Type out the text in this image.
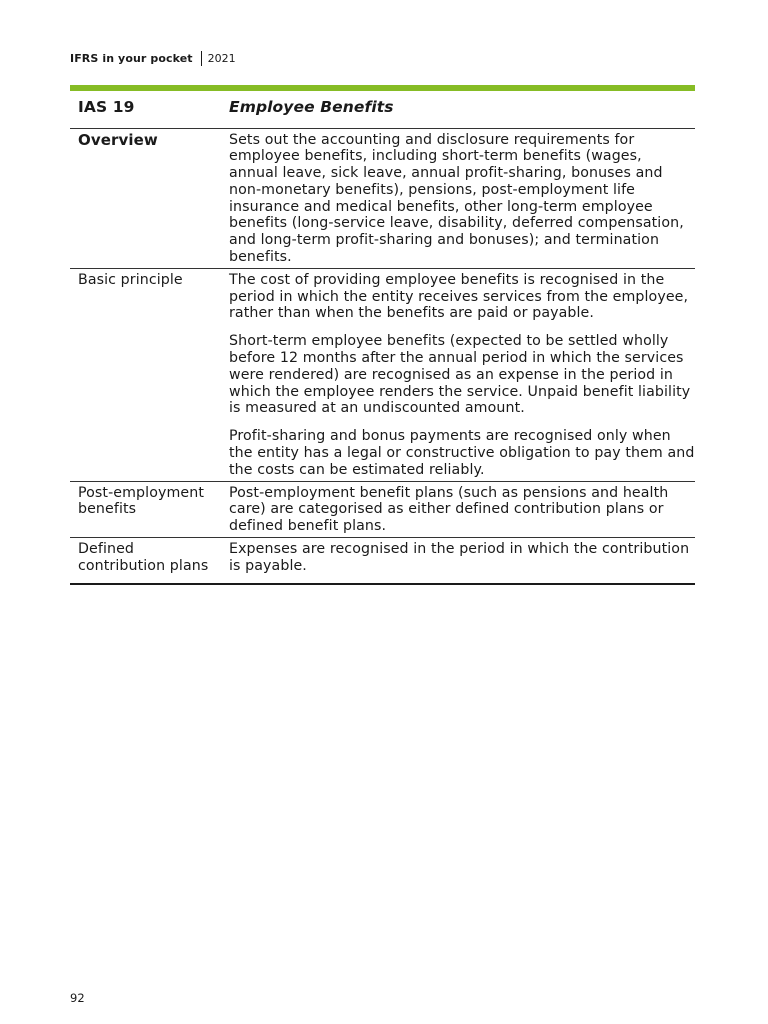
IFRS in your pocket 2021
IAS 19	Employee Benefits
Overview	Sets out the accounting and disclosure requirements for employee benefits, including short-term benefits (wages, annual leave, sick leave, annual profit-sharing, bonuses and non-monetary benefits), pensions, post-employment life insurance and medical benefits, other long-term employee benefits (long-service leave, disability, deferred compensation, and long-term profit-sharing and bonuses); and termination benefits.

Basic principle	The cost of providing employee benefits is recognised in the period in which the entity receives services from the employee, rather than when the benefits are paid or payable.

Short-term employee benefits (expected to be settled wholly before 12 months after the annual period in which the services were rendered) are recognised as an expense in the period in which the employee renders the service. Unpaid benefit liability is measured at an undiscounted amount.

Profit-sharing and bonus payments are recognised only when the entity has a legal or constructive obligation to pay them and the costs can be estimated reliably.

Post-employment benefits	Post-employment benefit plans (such as pensions and health care) are categorised as either defined contribution plans or defined benefit plans.

Defined contribution plans	Expenses are recognised in the period in which the contribution is payable.

92
